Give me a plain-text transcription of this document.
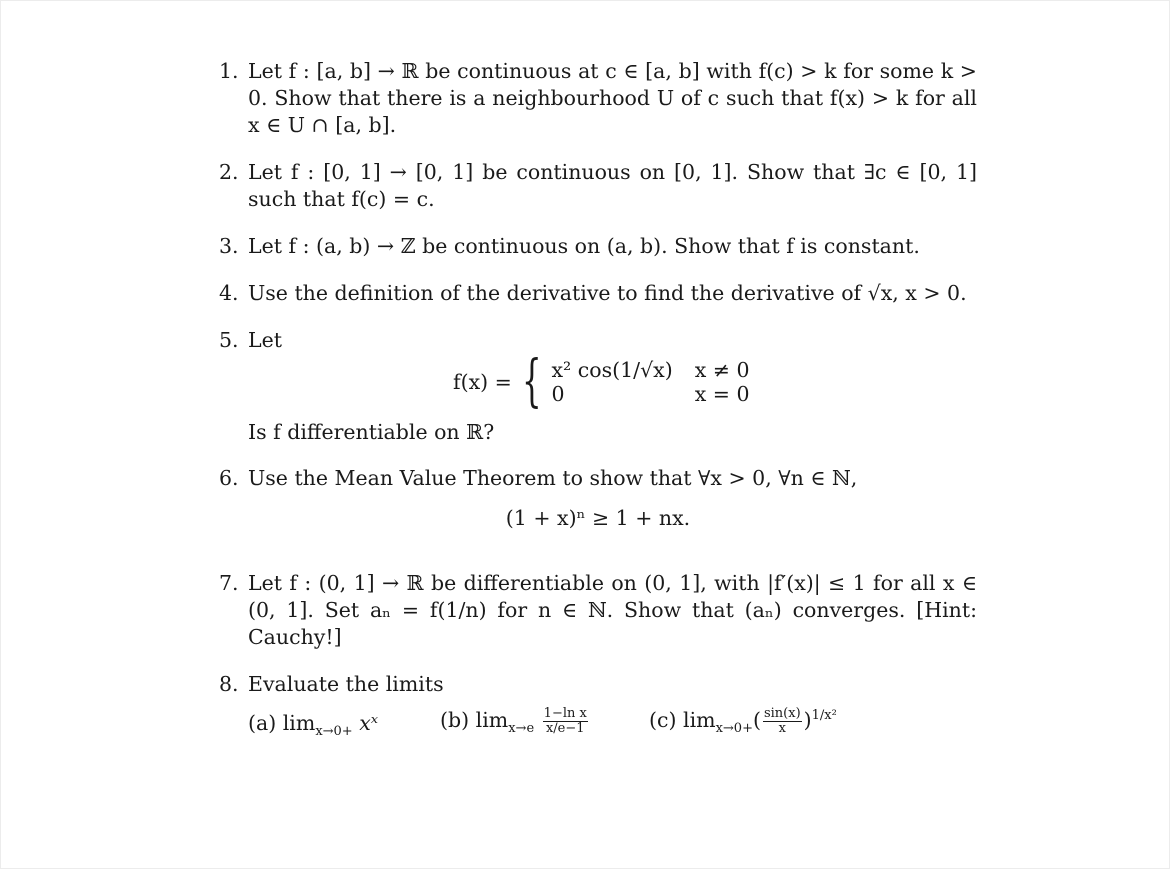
1. Let f : [a, b] → ℝ be continuous at c ∈ [a, b] with f(c) > k for some k > 0. Show that there is a neighbourhood U of c such that f(x) > k for all x ∈ U ∩ [a, b].
2. Let f : [0, 1] → [0, 1] be continuous on [0, 1]. Show that ∃c ∈ [0, 1] such that f(c) = c.
3. Let f : (a, b) → ℤ be continuous on (a, b). Show that f is constant.
4. Use the definition of the derivative to find the derivative of √x, x > 0.
5. Let
f(x) = { x² cos(1/√x) x ≠ 0
0	x = 0
Is f differentiable on ℝ?
6. Use the Mean Value Theorem to show that ∀x > 0, ∀n ∈ ℕ,
(1 + x)ⁿ ≥ 1 + nx.
7. Let f : (0, 1] → ℝ be differentiable on (0, 1], with |f′(x)| ≤ 1 for all x ∈ (0, 1]. Set aₙ = f(1/n) for n ∈ ℕ. Show that (aₙ) converges. [Hint: Cauchy!]
8. Evaluate the limits
(a) $\lim_{x\to 0+}$ xˣ	(b) $\lim_{x\to e} \frac{\text{1−ln x}}{x/e-1}$	(c) $\lim_{x\to 0+}( \frac{\sin(x)}{x} )^{1/x^2}$
